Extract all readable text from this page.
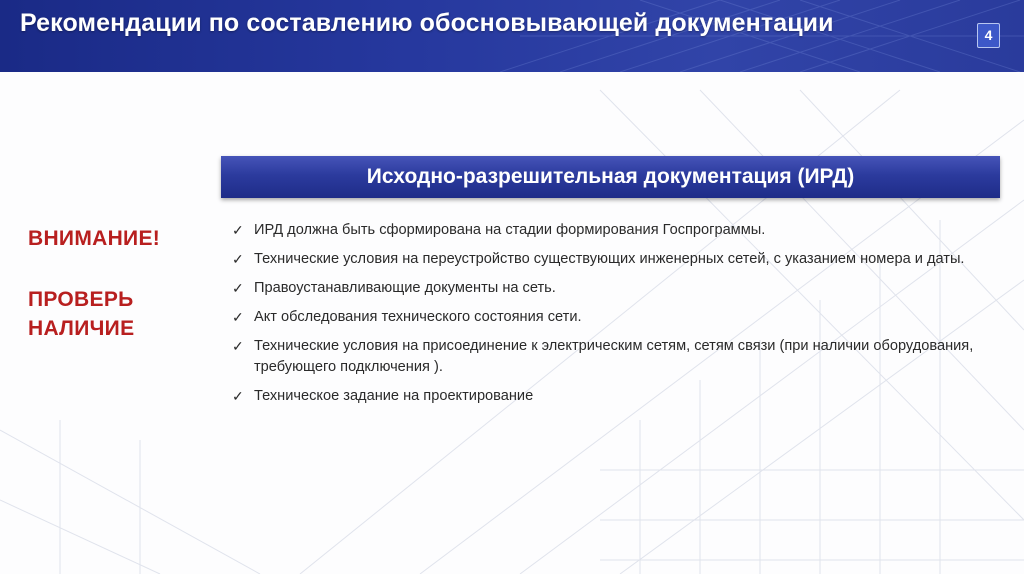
Рекомендации по составлению обосновывающей документации	4
Исходно-разрешительная документация (ИРД)
ВНИМАНИЕ!
ПРОВЕРЬ НАЛИЧИЕ
✓ ИРД должна быть сформирована на стадии формирования Госпрограммы.
✓ Технические условия на переустройство существующих инженерных сетей, с указанием номера и даты.
✓ Правоустанавливающие документы на сеть.
✓ Акт обследования технического состояния сети.
✓ Технические условия на присоединение к электрическим сетям, сетям связи (при наличии оборудования, требующего подключения ).
✓ Техническое задание на проектирование
